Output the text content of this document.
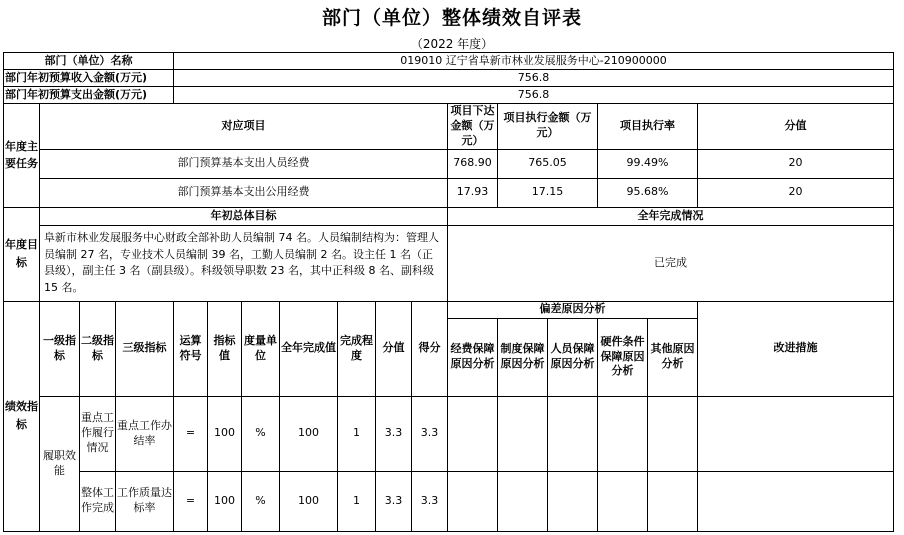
部门（单位）整体绩效自评表
（2022 年度）
部门（单位）名称				019010 辽宁省阜新市林业发展服务中心-210900000												
部门年初预算收入金额(万元)				756.8												
部门年初预算支出金额(万元)				756.8												
年度主要任务	对应项目										项目下达金额（万元）	项目执行金额（万元）		项目执行率		分值
	部门预算基本支出人员经费										768.90	765.05		99.49%		20
	部门预算基本支出公用经费										17.93	17.15		95.68%		20
年度目标	年初总体目标										全年完成情况					
	阜新市林业发展服务中心财政全部补助人员编制 74 名。人员编制结构为：管理人员编制 27 名，专业技术人员编制 39 名，工勤人员编制 2 名。设主任 1 名（正县级），副主任 3 名（副县级）。科级领导职数 23 名，其中正科级 8 名、副科级 15 名。										已完成					
绩效指标	一级指标	二级指标	三级指标	运算符号	指标值	度量单位	全年完成值	完成程度	分值	得分	偏差原因分析					改进措施
											经费保障原因分析	制度保障原因分析	人员保障原因分析	硬件条件保障原因分析	其他原因分析	
	履职效能	重点工作履行情况	重点工作办结率	=	100	%	100	1	3.3	3.3						
		整体工作完成	工作质量达标率	=	100	%	100	1	3.3	3.3						
